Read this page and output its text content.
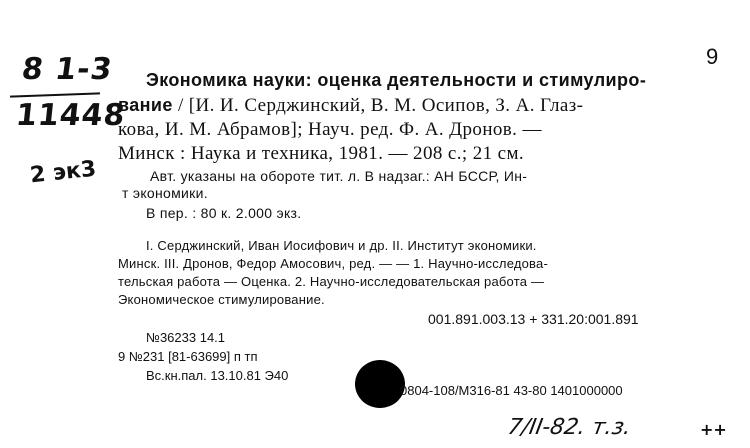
8 1-3
11448
2 эк3
9
Экономика науки: оценка деятельности и стимулиро-
вание / [И. И. Серджинский, В. М. Осипов, З. А. Глаз-
кова, И. М. Абрамов]; Науч. ред. Ф. А. Дронов. —
Минск : Наука и техника, 1981. — 208 с.; 21 см.
Авт. указаны на обороте тит. л. В надзаг.: АН БССР, Ин-
т экономики.
В пер. : 80 к. 2.000 экз.
I. Серджинский, Иван Иосифович и др. II. Институт экономики.
Минск. III. Дронов, Федор Амосович, ред. — — 1. Научно-исследова-
тельская работа — Оценка. 2. Научно-исследовательская работа —
Экономическое стимулирование.
001.891.003.13 + 331.20:001.891
№36233 14.1
9 №231 [81-63699] п тп
Вс.кн.пал. 13.10.81 Э40
0804-108/М316-81 43-80 1401000000
7/II-82. т.з.	++
